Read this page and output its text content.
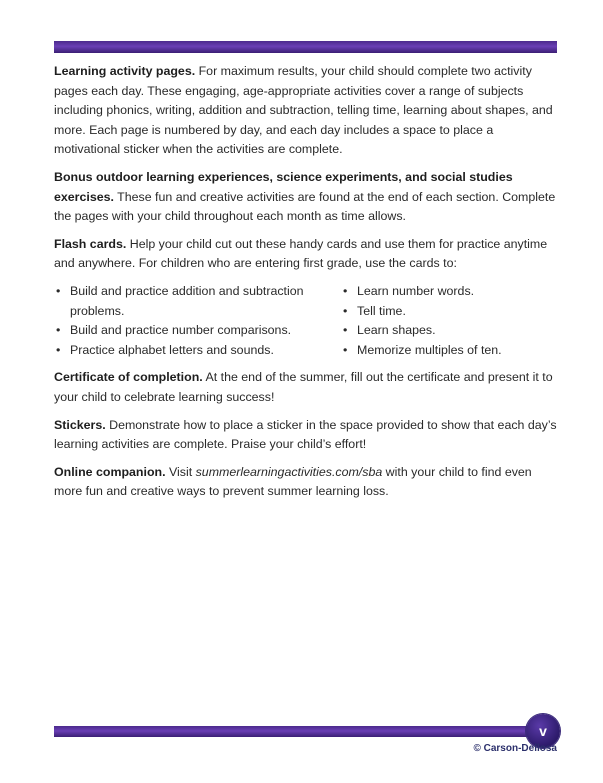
Learning activity pages. For maximum results, your child should complete two activity pages each day. These engaging, age-appropriate activities cover a range of subjects including phonics, writing, addition and subtraction, telling time, learning about shapes, and more. Each page is numbered by day, and each day includes a space to place a motivational sticker when the activities are complete.

Bonus outdoor learning experiences, science experiments, and social studies exercises. These fun and creative activities are found at the end of each section. Complete the pages with your child throughout each month as time allows.

Flash cards. Help your child cut out these handy cards and use them for practice anytime and anywhere. For children who are entering first grade, use the cards to:

• Build and practice addition and subtraction problems.
• Build and practice number comparisons.
• Practice alphabet letters and sounds.
• Learn number words.
• Tell time.
• Learn shapes.
• Memorize multiples of ten.

Certificate of completion. At the end of the summer, fill out the certificate and present it to your child to celebrate learning success!

Stickers. Demonstrate how to place a sticker in the space provided to show that each day’s learning activities are complete. Praise your child’s effort!

Online companion. Visit summerlearningactivities.com/sba with your child to find even more fun and creative ways to prevent summer learning loss.

v
© Carson-Dellosa
